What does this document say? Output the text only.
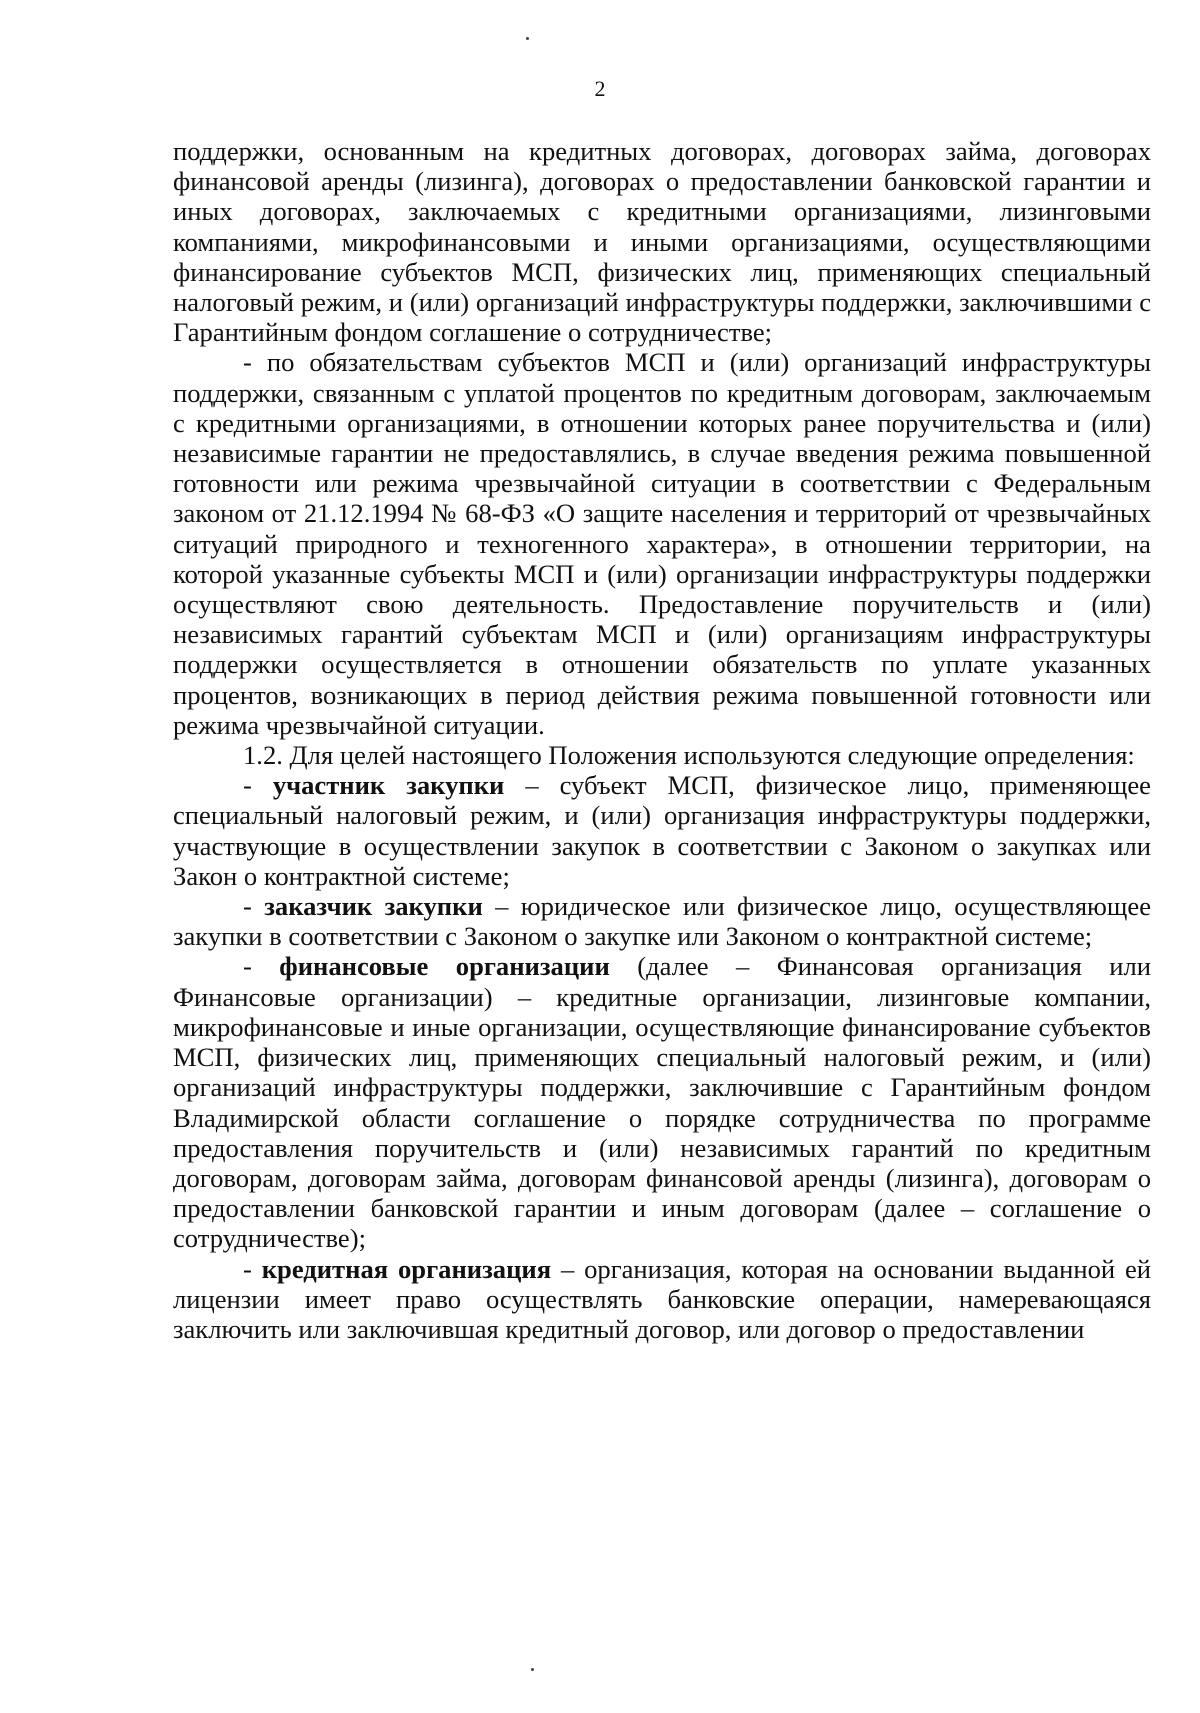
2

поддержки, основанным на кредитных договорах, договорах займа, договорах финансовой аренды (лизинга), договорах о предоставлении банковской гарантии и иных договорах, заключаемых с кредитными организациями, лизинговыми компаниями, микрофинансовыми и иными организациями, осуществляющими финансирование субъектов МСП, физических лиц, применяющих специальный налоговый режим, и (или) организаций инфраструктуры поддержки, заключившими с Гарантийным фондом соглашение о сотрудничестве;

- по обязательствам субъектов МСП и (или) организаций инфраструктуры поддержки, связанным с уплатой процентов по кредитным договорам, заключаемым с кредитными организациями, в отношении которых ранее поручительства и (или) независимые гарантии не предоставлялись, в случае введения режима повышенной готовности или режима чрезвычайной ситуации в соответствии с Федеральным законом от 21.12.1994 № 68-ФЗ «О защите населения и территорий от чрезвычайных ситуаций природного и техногенного характера», в отношении территории, на которой указанные субъекты МСП и (или) организации инфраструктуры поддержки осуществляют свою деятельность. Предоставление поручительств и (или) независимых гарантий субъектам МСП и (или) организациям инфраструктуры поддержки осуществляется в отношении обязательств по уплате указанных процентов, возникающих в период действия режима повышенной готовности или режима чрезвычайной ситуации.

1.2. Для целей настоящего Положения используются следующие определения:

- участник закупки – субъект МСП, физическое лицо, применяющее специальный налоговый режим, и (или) организация инфраструктуры поддержки, участвующие в осуществлении закупок в соответствии с Законом о закупках или Закон о контрактной системе;

- заказчик закупки – юридическое или физическое лицо, осуществляющее закупки в соответствии с Законом о закупке или Законом о контрактной системе;

- финансовые организации (далее – Финансовая организация или Финансовые организации) – кредитные организации, лизинговые компании, микрофинансовые и иные организации, осуществляющие финансирование субъектов МСП, физических лиц, применяющих специальный налоговый режим, и (или) организаций инфраструктуры поддержки, заключившие с Гарантийным фондом Владимирской области соглашение о порядке сотрудничества по программе предоставления поручительств и (или) независимых гарантий по кредитным договорам, договорам займа, договорам финансовой аренды (лизинга), договорам о предоставлении банковской гарантии и иным договорам (далее – соглашение о сотрудничестве);

- кредитная организация – организация, которая на основании выданной ей лицензии имеет право осуществлять банковские операции, намеревающаяся заключить или заключившая кредитный договор, или договор о предоставлении
